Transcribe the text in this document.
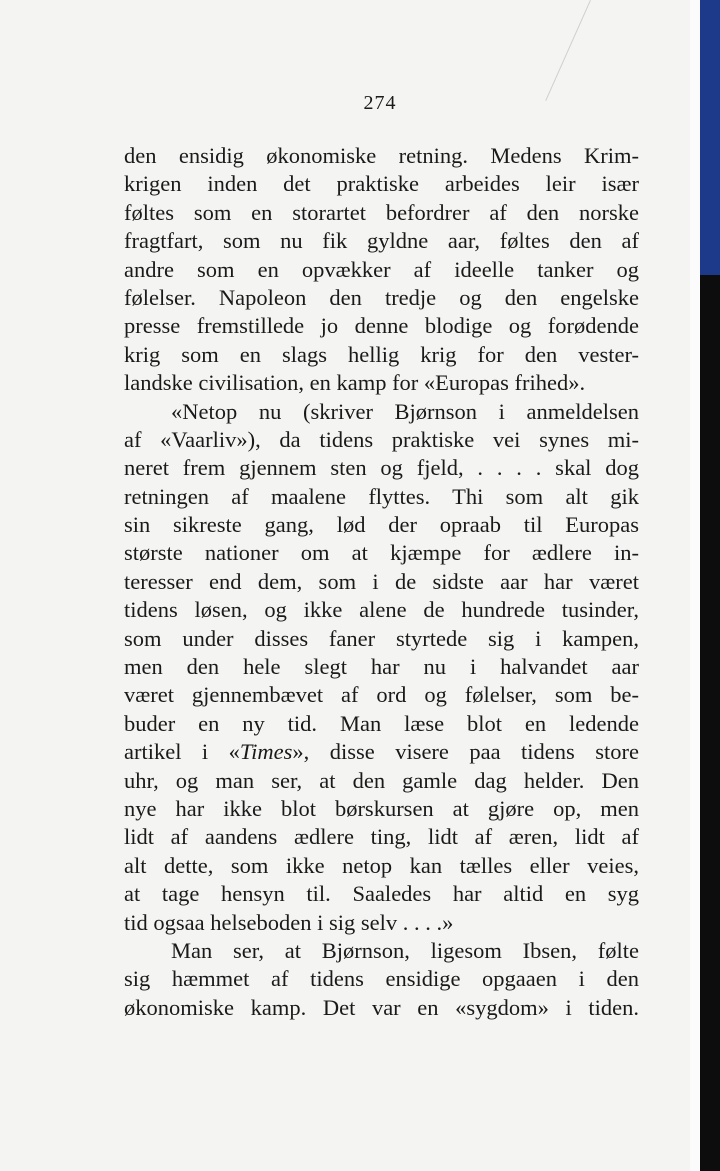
274
den ensidig økonomiske retning. Medens Krim-
krigen inden det praktiske arbeides leir især
føltes som en storartet befordrer af den norske
fragtfart, som nu fik gyldne aar, føltes den af
andre som en opvækker af ideelle tanker og
følelser. Napoleon den tredje og den engelske
presse fremstillede jo denne blodige og forødende
krig som en slags hellig krig for den vester-
landske civilisation, en kamp for «Europas frihed».
«Netop nu (skriver Bjørnson i anmeldelsen
af «Vaarliv»), da tidens praktiske vei synes mi-
neret frem gjennem sten og fjeld, . . . . skal dog
retningen af maalene flyttes. Thi som alt gik
sin sikreste gang, lød der opraab til Europas
største nationer om at kjæmpe for ædlere in-
teresser end dem, som i de sidste aar har været
tidens løsen, og ikke alene de hundrede tusinder,
som under disses faner styrtede sig i kampen,
men den hele slegt har nu i halvandet aar
været gjennembævet af ord og følelser, som be-
buder en ny tid. Man læse blot en ledende
artikel i «Times», disse visere paa tidens store
uhr, og man ser, at den gamle dag helder. Den
nye har ikke blot børskursen at gjøre op, men
lidt af aandens ædlere ting, lidt af æren, lidt af
alt dette, som ikke netop kan tælles eller veies,
at tage hensyn til. Saaledes har altid en syg
tid ogsaa helseboden i sig selv . . . .»
Man ser, at Bjørnson, ligesom Ibsen, følte
sig hæmmet af tidens ensidige opgaaen i den
økonomiske kamp. Det var en «sygdom» i tiden.
